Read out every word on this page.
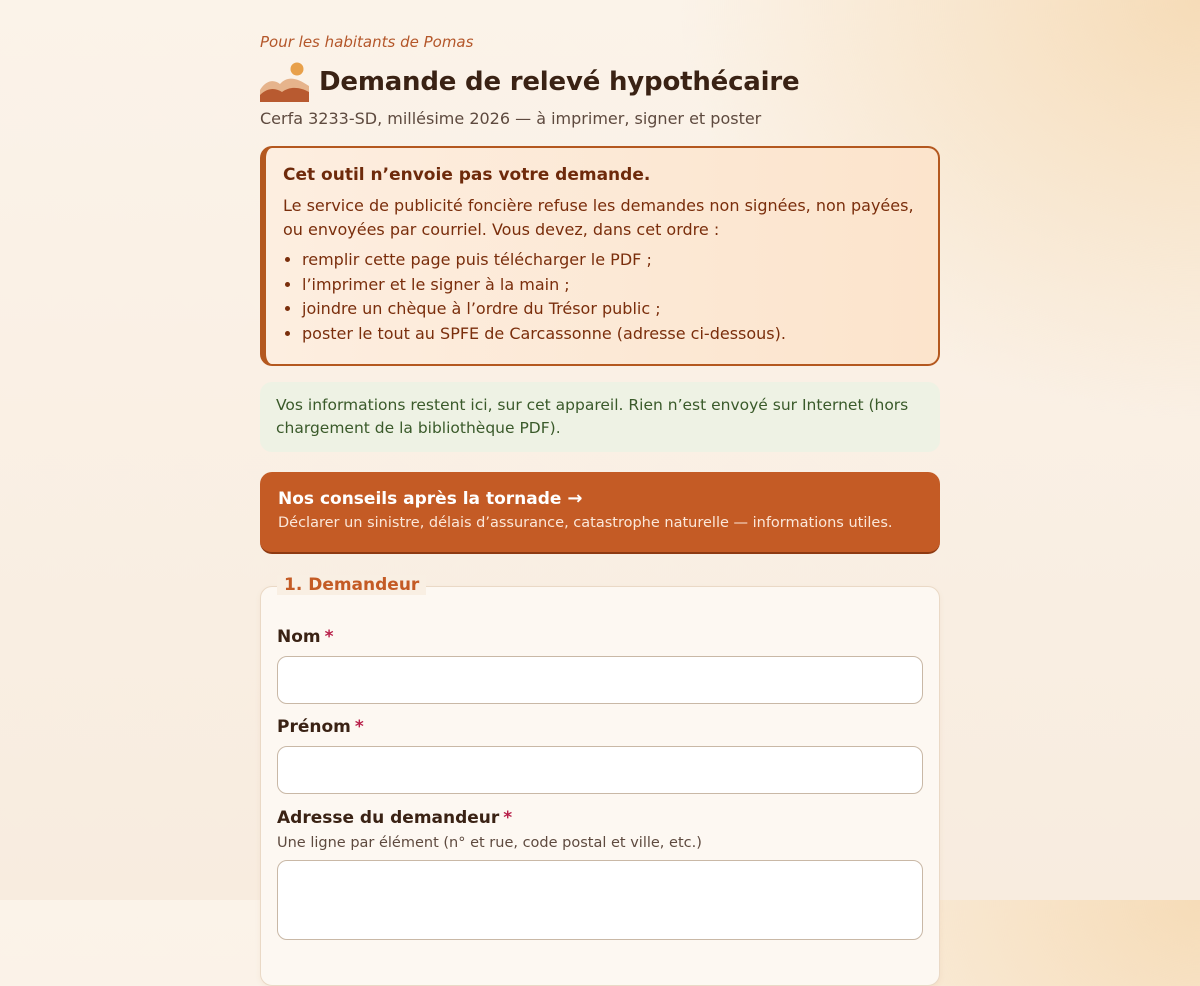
Pour les habitants de Pomas
Demande de relevé hypothécaire
Cerfa 3233-SD, millésime 2026 — à imprimer, signer et poster
Cet outil n’envoie pas votre demande.
Le service de publicité foncière refuse les demandes non signées, non payées, ou envoyées par courriel. Vous devez, dans cet ordre :
• remplir cette page puis télécharger le PDF ;
• l’imprimer et le signer à la main ;
• joindre un chèque à l’ordre du Trésor public ;
• poster le tout au SPFE de Carcassonne (adresse ci-dessous).
Vos informations restent ici, sur cet appareil. Rien n’est envoyé sur Internet (hors chargement de la bibliothèque PDF).
Nos conseils après la tornade →
Déclarer un sinistre, délais d’assurance, catastrophe naturelle — informations utiles.
1. Demandeur
Nom *
Prénom *
Adresse du demandeur *
Une ligne par élément (n° et rue, code postal et ville, etc.)
